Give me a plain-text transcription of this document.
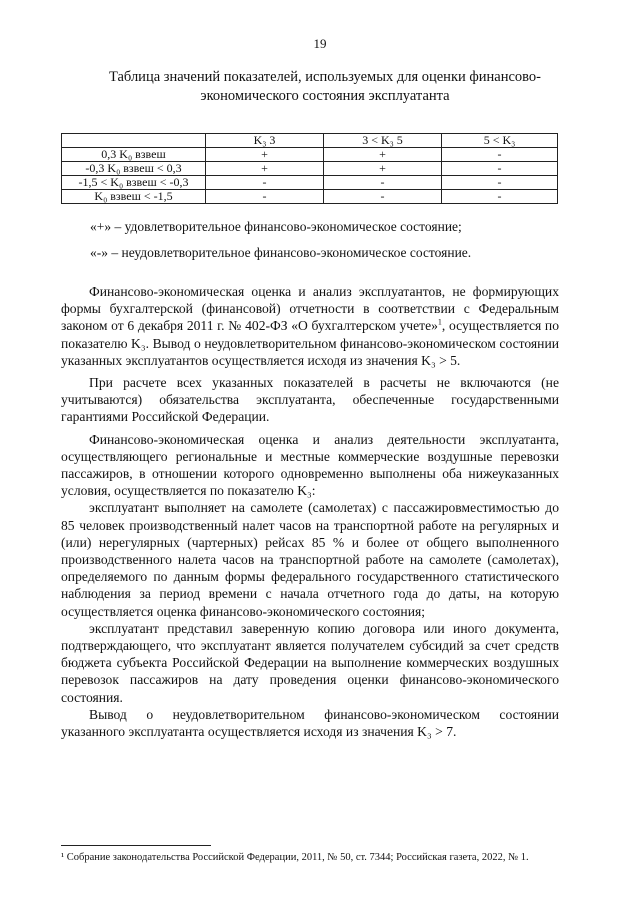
19
Таблица значений показателей, используемых для оценки финансово-
экономического состояния эксплуатанта
	K₃ 3	3 < K₃ 5	5 < K₃
0,3 K₀ взвеш	+	+	-
-0,3 K₀ взвеш < 0,3	+	+	-
-1,5 < K₀ взвеш < -0,3	-	-	-
K₀ взвеш < -1,5	-	-	-
«+» – удовлетворительное финансово-экономическое состояние;
«-» – неудовлетворительное финансово-экономическое состояние.

Финансово-экономическая оценка и анализ эксплуатантов, не формирующих формы бухгалтерской (финансовой) отчетности в соответствии с Федеральным законом от 6 декабря 2011 г. № 402-ФЗ «О бухгалтерском учете»$^1$, осуществляется по показателю K₃. Вывод о неудовлетворительном финансово-экономическом состоянии указанных эксплуатантов осуществляется исходя из значения K₃ > 5.

При расчете всех указанных показателей в расчеты не включаются (не учитываются) обязательства эксплуатанта, обеспеченные государственными гарантиями Российской Федерации.

Финансово-экономическая оценка и анализ деятельности эксплуатанта, осуществляющего региональные и местные коммерческие воздушные перевозки пассажиров, в отношении которого одновременно выполнены оба нижеуказанных условия, осуществляется по показателю K₃:

эксплуатант выполняет на самолете (самолетах) с пассажировместимостью до 85 человек производственный налет часов на транспортной работе на регулярных и (или) нерегулярных (чартерных) рейсах 85 % и более от общего выполненного производственного налета часов на транспортной работе на самолете (самолетах), определяемого по данным формы федерального государственного статистического наблюдения за период времени с начала отчетного года до даты, на которую осуществляется оценка финансово-экономического состояния;

эксплуатант представил заверенную копию договора или иного документа, подтверждающего, что эксплуатант является получателем субсидий за счет средств бюджета субъекта Российской Федерации на выполнение коммерческих воздушных перевозок пассажиров на дату проведения оценки финансово-экономического состояния.

Вывод о неудовлетворительном финансово-экономическом состоянии указанного эксплуатанта осуществляется исходя из значения K₃ > 7.

¹ Собрание законодательства Российской Федерации, 2011, № 50, ст. 7344; Российская газета, 2022, № 1.
